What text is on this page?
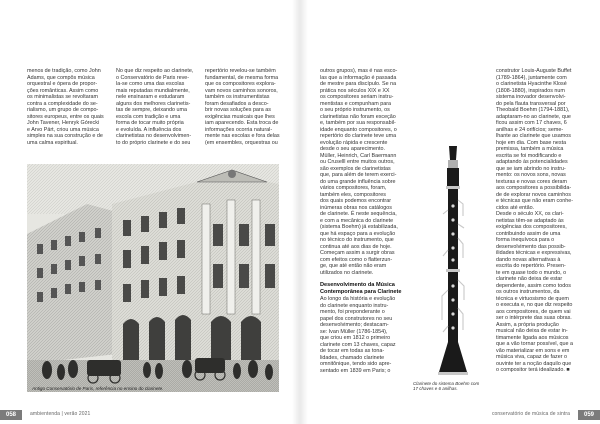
menos de tradição, como John
Adams, que compôs música
orquestral e ópera de propor-
ções românticas. Assim como
os minimalistas se revoltaram
contra a complexidade do se-
rialismo, um grupo de compo-
sitores europeus, entre os quais
John Tavener, Henryk Górecki
e Arvo Pärt, criou uma música
simples na sua construção e de
uma calma espiritual.

No que diz respeito ao clarinete,
o Conservatório de Paris reve-
la-se como uma das escolas
mais reputadas mundialmente,
nele ensinaram e estudaram
alguns dos melhores clarinetis-
tas de sempre, deixando uma
escola com tradição e uma
forma de tocar muito própria
e evoluída. A influência dos
clarinetistas no desenvolvimen-
to do próprio clarinete e do seu

repertório revelou-se também
fundamental, de mesma forma
que os compositores explora-
vam novos caminhos sonoros,
também os instrumentistas
foram desafiados a desco-
brir novas soluções para as
exigências musicais que lhes
iam aparecendo. Esta troca de
informações ocorria natural-
mente nas escolas e fora delas
(em ensembles, orquestras ou

Antigo Conservatório de Paris, referência no ensino do clarinete.
058	ambientenda | verão 2021

outros grupos), mas é nas esco-
las que a informação é passada
de mestre para discípulo. Se na
prática nos séculos XIX e XX
os compositores seriam instru-
mentistas e compunham para
o seu próprio instrumento, os
clarinetistas não foram exceção
e, também por sua responsabil-
idade enquanto compositores, o
repertório do clarinete teve uma
evolução rápida e crescente
desde o seu aparecimento.
Müller, Heinrich, Carl Baermann
ou Cruselll entre muitos outros,
são exemplos de clarinetistas
que, para além de terem exerci-
do uma grande influência sobre
vários compositores, foram,
também eles, compositores
dos quais podemos encontrar
inúmeras obras nos catálogos
de clarinete. É neste sequência,
e com a mecânica do clarinete
(sistema Boehm) já estabilizada,
que há espaço para a evolução
no técnico do instrumento, que
continua até aos dias de hoje.
Começam assim a surgir obras
com efeitos como o flatterzun-
ge, que até então não eram
utilizados no clarinete.

Desenvolvimento da Música
Contemporânea para Clarinete

Ao longo da história e evolução
do clarinete enquanto instru-
mento, foi preponderante o
papel dos construtores no seu
desenvolvimento; destacam-
se: Ivan Müller (1786-1854),
que criou em 1812 o primeiro
clarinete com 13 chaves, capaz
de tocar em todas as tona-
lidades, chamado clarinete
omnitônique, tendo sido apre-
sentado em 1839 em Paris; o

Clarinete do sistema Boehm com
17 chaves e 6 anilhas.

construtor Louis-Auguste Buffet
(1789-1864), juntamente com
o clarinetista Hyacinthe Klosé
(1808-1880), inspirados num
sistema inovador desenvolvi-
do pela flauta transversal por
Theobald Boehm (1794-1881),
adaptaram-no ao clarinete, que
ficou assim com 17 chaves, 6
anilhas e 24 orifícios; seme-
lhante ao clarinete que usamos
hoje em dia. Com base nesta
premissa, também a música
escrita se foi modificando e
adaptando às potencialidades
que se iam abrindo no instru-
mento: os novos sons, novas
texturas e novas cores deram
aos compositores a possibilida-
de de explorar novos caminhos
e técnicas que não eram conhe-
cidos até então.
Desde o século XX, os clari-
netistas têm-se adaptado às
exigências dos compositores,
contribuindo assim de uma
forma inequívoca para o
desenvolvimento das possib-
ilidades técnicas e expressivas,
dando novas alternativas à
escrita do repertório. Presen-
te em quase todo o mundo, o
clarinete não deixa de estar
dependente, assim como todos
os outros instrumentos, da
técnica e virtuosismo de quem
o executa e, no que diz respeito
aos compositores, de quem vai
ser o intérprete das suas obras.
Assim, a própria produção
musical não deixa de estar in-
timamente ligada aos músicos
que a vão tornar possível, que a
vão materializar em sons e em
música viva, capaz de fazer o
ouvinte ter a noção daquilo que
o compositor terá idealizado. ■

conservatório de música de sintra	059
